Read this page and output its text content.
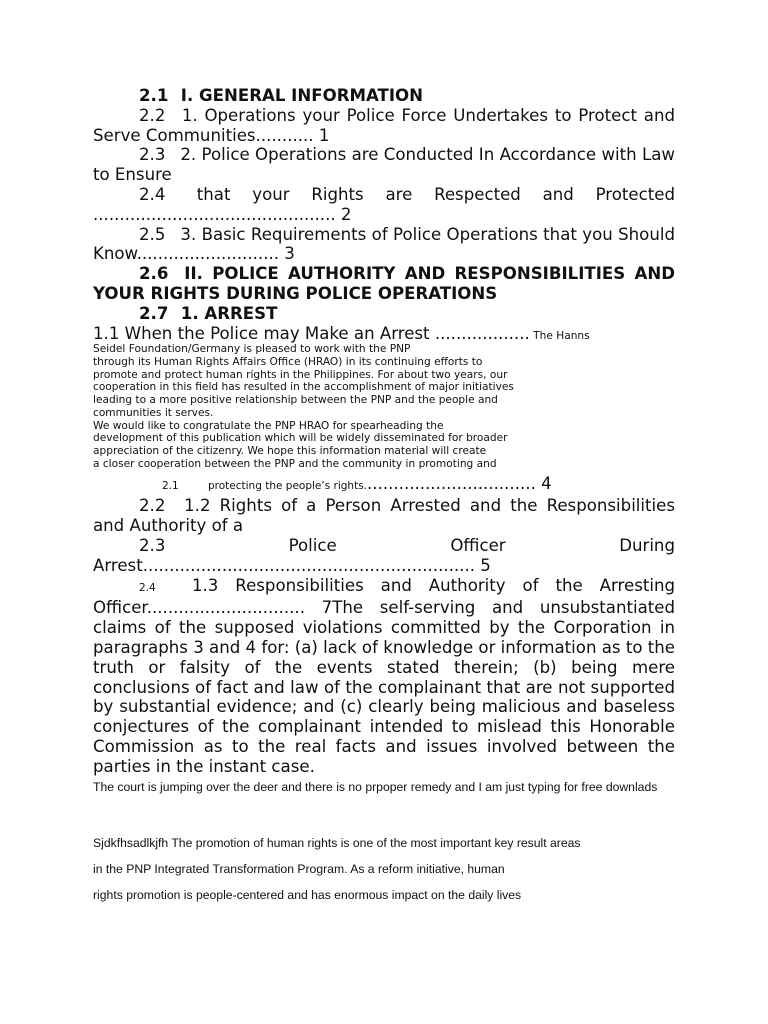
2.1 I. GENERAL INFORMATION

2.2 1. Operations your Police Force Undertakes to Protect and Serve Communities........... 1

2.3 2. Police Operations are Conducted In Accordance with Law to Ensure

2.4 that your Rights are Respected and Protected .............................................. 2

2.5 3. Basic Requirements of Police Operations that you Should Know........................... 3

2.6 II. POLICE AUTHORITY AND RESPONSIBILITIES AND YOUR RIGHTS DURING POLICE OPERATIONS

2.7 1. ARREST

1.1 When the Police may Make an Arrest .................. The Hanns

Seidel Foundation/Germany is pleased to work with the PNP
through its Human Rights Affairs Office (HRAO) in its continuing efforts to
promote and protect human rights in the Philippines. For about two years, our
cooperation in this field has resulted in the accomplishment of major initiatives
leading to a more positive relationship between the PNP and the people and
communities it serves.
We would like to congratulate the PNP HRAO for spearheading the
development of this publication which will be widely disseminated for broader
appreciation of the citizenry. We hope this information material will create
a closer cooperation between the PNP and the community in promoting and

2.1	protecting the people’s rights................................. 4

2.2 1.2 Rights of a Person Arrested and the Responsibilities and Authority of a

2.3	Police Officer During Arrest............................................................... 5

2.4 1.3 Responsibilities and Authority of the Arresting Officer.............................. 7The self-serving and unsubstantiated claims of the supposed violations committed by the Corporation in paragraphs 3 and 4 for: (a) lack of knowledge or information as to the truth or falsity of the events stated therein; (b) being mere conclusions of fact and law of the complainant that are not supported by substantial evidence; and (c) clearly being malicious and baseless conjectures of the complainant intended to mislead this Honorable Commission as to the real facts and issues involved between the parties in the instant case.

The court is jumping over the deer and there is no prpoper remedy and I am just typing for free downlads

Sjdkfhsadlkjfh The promotion of human rights is one of the most important key result areas

in the PNP Integrated Transformation Program. As a reform initiative, human

rights promotion is people-centered and has enormous impact on the daily lives
